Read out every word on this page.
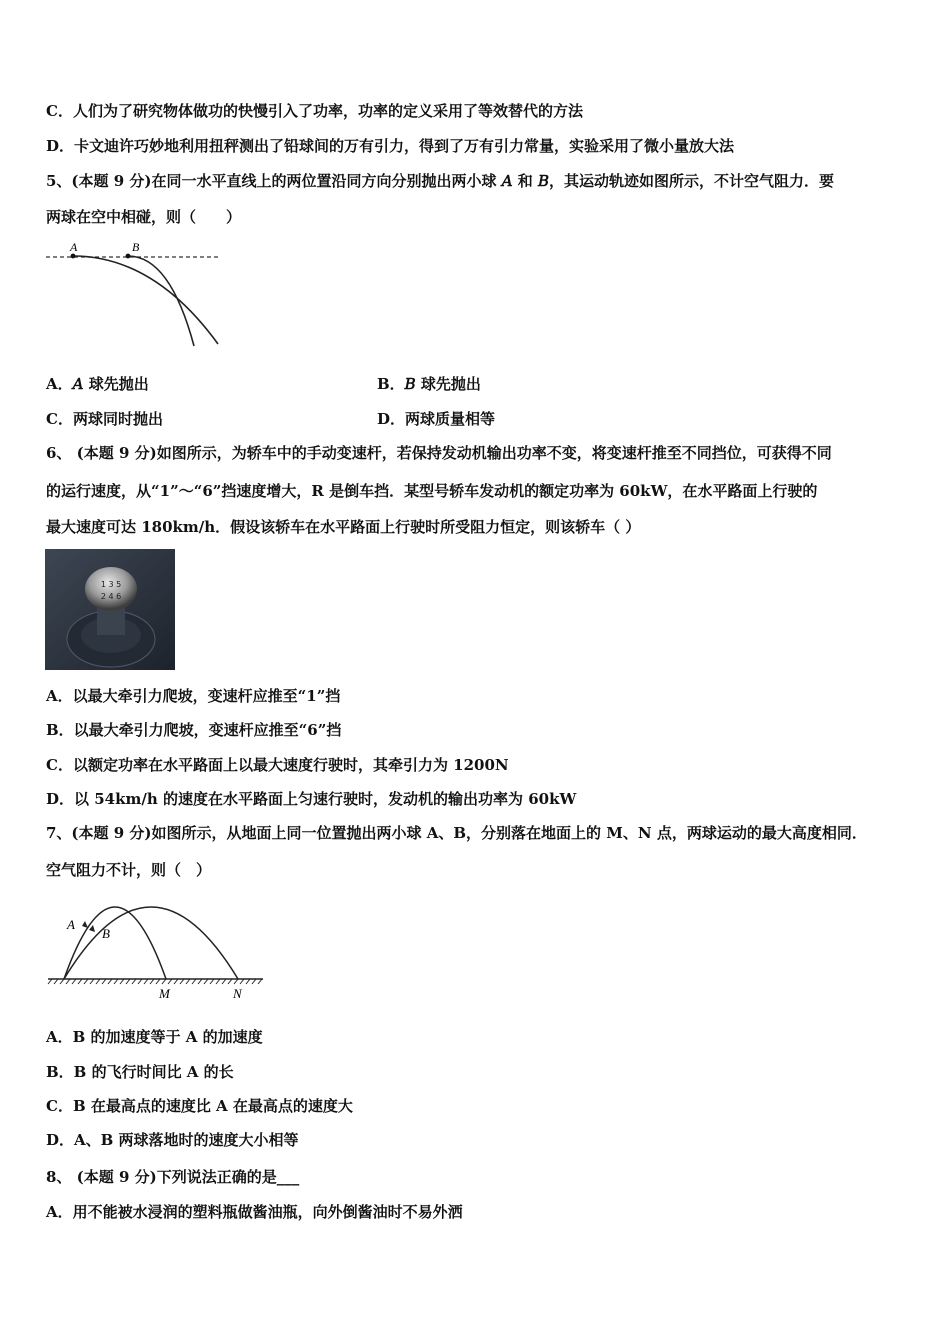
C．人们为了研究物体做功的快慢引入了功率，功率的定义采用了等效替代的方法
D．卡文迪许巧妙地利用扭秤测出了铅球间的万有引力，得到了万有引力常量，实验采用了微小量放大法
5、(本题 9 分)在同一水平直线上的两位置沿同方向分别抛出两小球 𝐴 和 𝐵，其运动轨迹如图所示，不计空气阻力．要
两球在空中相碰，则（　　）
A	B
A．𝐴 球先抛出	B．𝐵 球先抛出
C．两球同时抛出	D．两球质量相等
6、 (本题 9 分)如图所示，为轿车中的手动变速杆，若保持发动机输出功率不变，将变速杆推至不同挡位，可获得不同
的运行速度，从“1”～“6”挡速度增大，R 是倒车挡．某型号轿车发动机的额定功率为 60kW，在水平路面上行驶的
最大速度可达 180km/h．假设该轿车在水平路面上行驶时所受阻力恒定，则该轿车（ ）
1 3 5
2 4 6
A．以最大牵引力爬坡，变速杆应推至“1”挡
B．以最大牵引力爬坡，变速杆应推至“6”挡
C．以额定功率在水平路面上以最大速度行驶时，其牵引力为 1200N
D．以 54km/h 的速度在水平路面上匀速行驶时，发动机的输出功率为 60kW
7、(本题 9 分)如图所示，从地面上同一位置抛出两小球 A、B，分别落在地面上的 M、N 点，两球运动的最大高度相同．
空气阻力不计，则（　）
A
B
M	N
A．B 的加速度等于 A 的加速度
B．B 的飞行时间比 A 的长
C．B 在最高点的速度比 A 在最高点的速度大
D．A、B 两球落地时的速度大小相等
8、 (本题 9 分)下列说法正确的是___
A．用不能被水浸润的塑料瓶做酱油瓶，向外倒酱油时不易外洒
